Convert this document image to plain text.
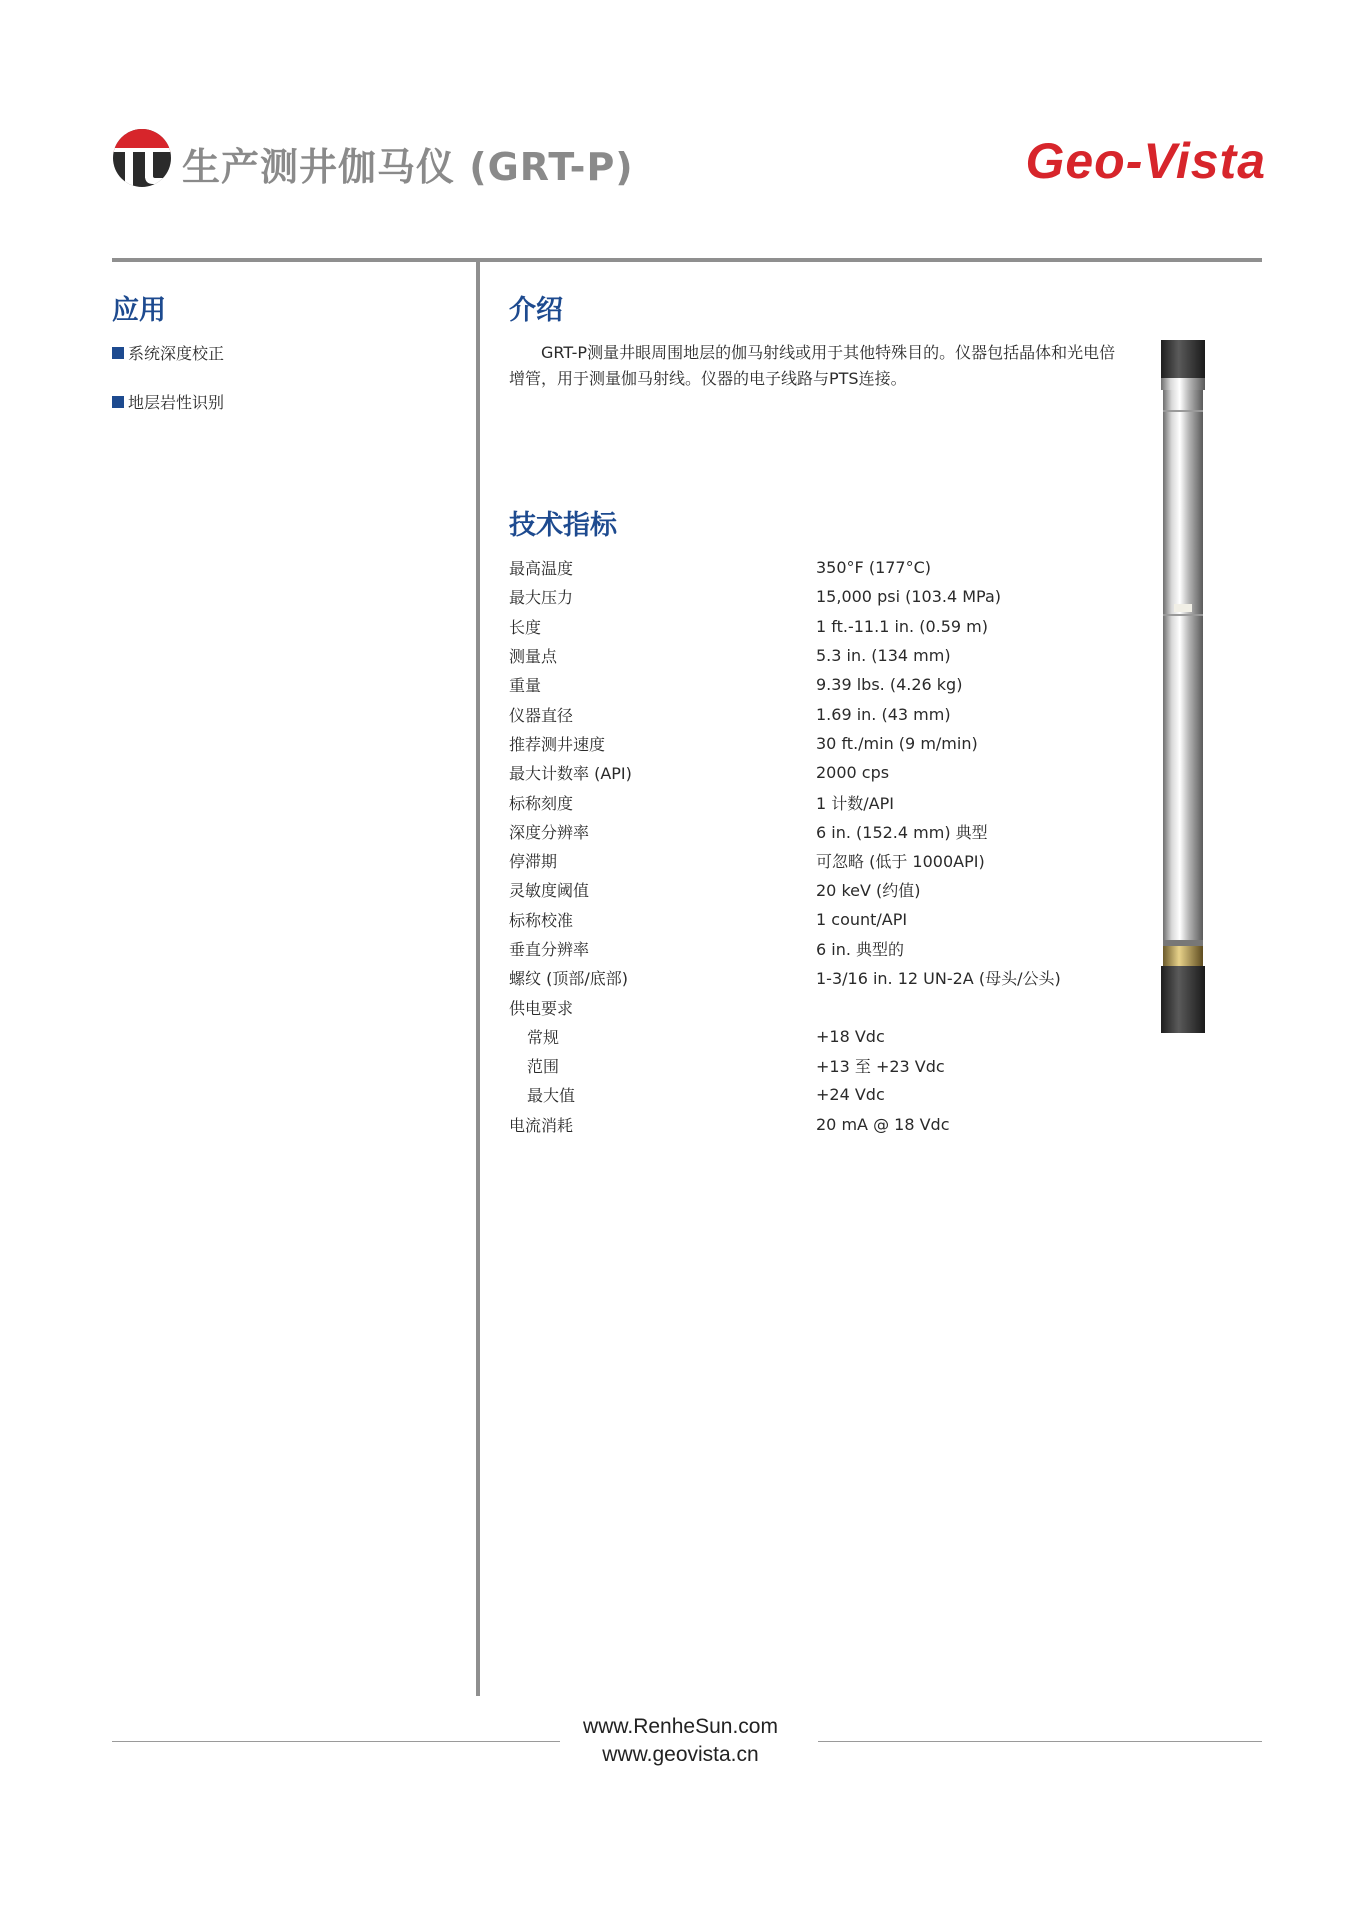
生产测井伽马仪 (GRT-P)	Geo-Vista
应用
系统深度校正
地层岩性识别
介绍
GRT-P测量井眼周围地层的伽马射线或用于其他特殊目的。仪器包括晶体和光电倍增管，用于测量伽马射线。仪器的电子线路与PTS连接。
技术指标
最高温度	350°F (177°C)
最大压力	15,000 psi (103.4 MPa)
长度	1 ft.-11.1 in. (0.59 m)
测量点	5.3 in. (134 mm)
重量	9.39 lbs. (4.26 kg)
仪器直径	1.69 in. (43 mm)
推荐测井速度	30 ft./min (9 m/min)
最大计数率 (API)	2000 cps
标称刻度	1 计数/API
深度分辨率	6 in. (152.4 mm) 典型
停滞期	可忽略 (低于 1000API)
灵敏度阈值	20 keV (约值)
标称校准	1 count/API
垂直分辨率	6 in. 典型的
螺纹 (顶部/底部)	1-3/16 in. 12 UN-2A (母头/公头)
供电要求	
常规	+18 Vdc
范围	+13 至 +23 Vdc
最大值	+24 Vdc
电流消耗	20 mA @ 18 Vdc
www.RenheSun.com
www.geovista.cn
